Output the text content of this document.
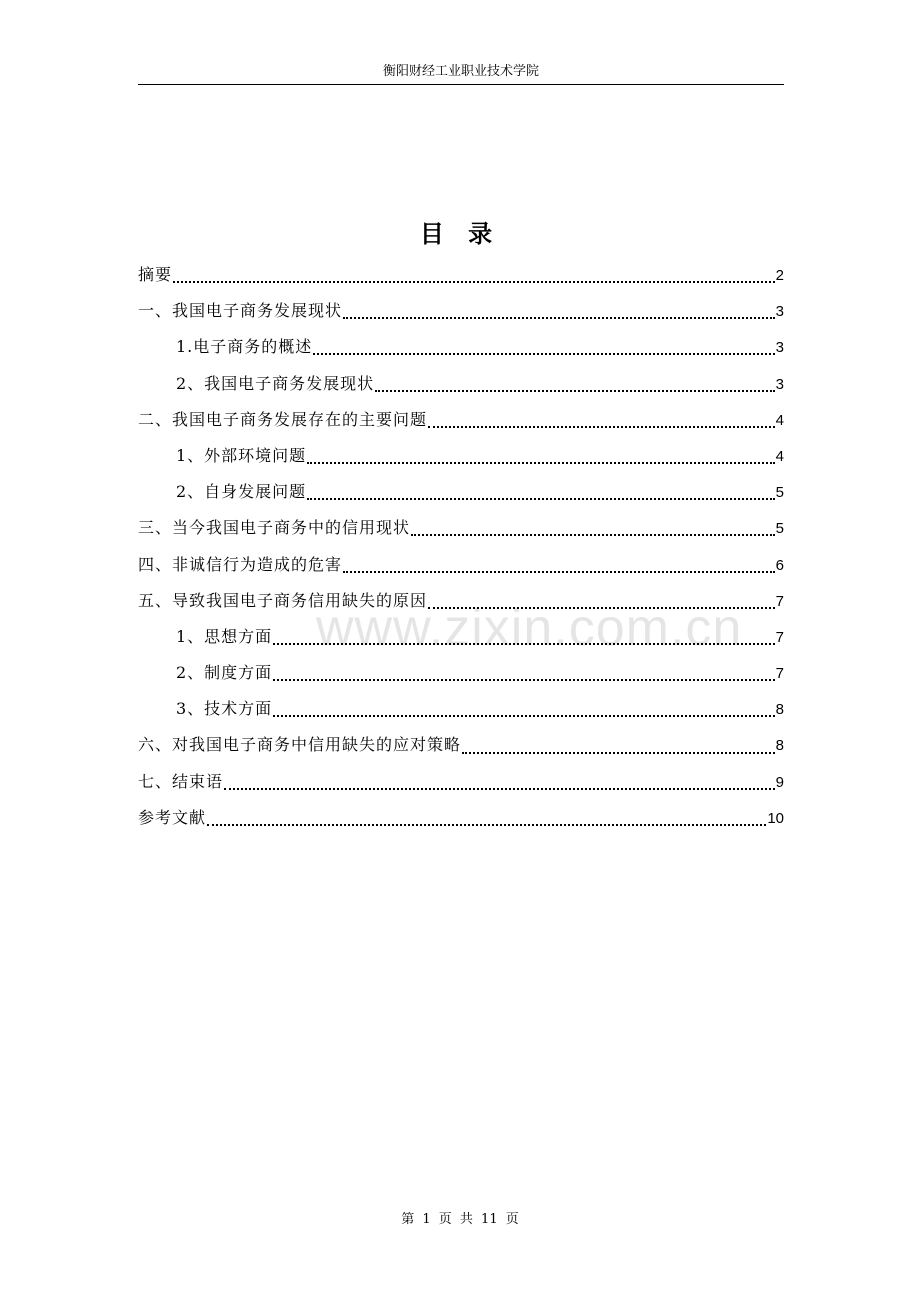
衡阳财经工业职业技术学院
目 录
摘要	2
一、我国电子商务发展现状	3
1.电子商务的概述	3
2、我国电子商务发展现状	3
二、我国电子商务发展存在的主要问题	4
1、外部环境问题	4
2、自身发展问题	5
三、当今我国电子商务中的信用现状	5
四、非诚信行为造成的危害	6
五、导致我国电子商务信用缺失的原因	7
1、思想方面	7
2、制度方面	7
3、技术方面	8
六、对我国电子商务中信用缺失的应对策略	8
七、结束语	9
参考文献	10
www.zixin.com.cn
第 1 页 共 11 页
